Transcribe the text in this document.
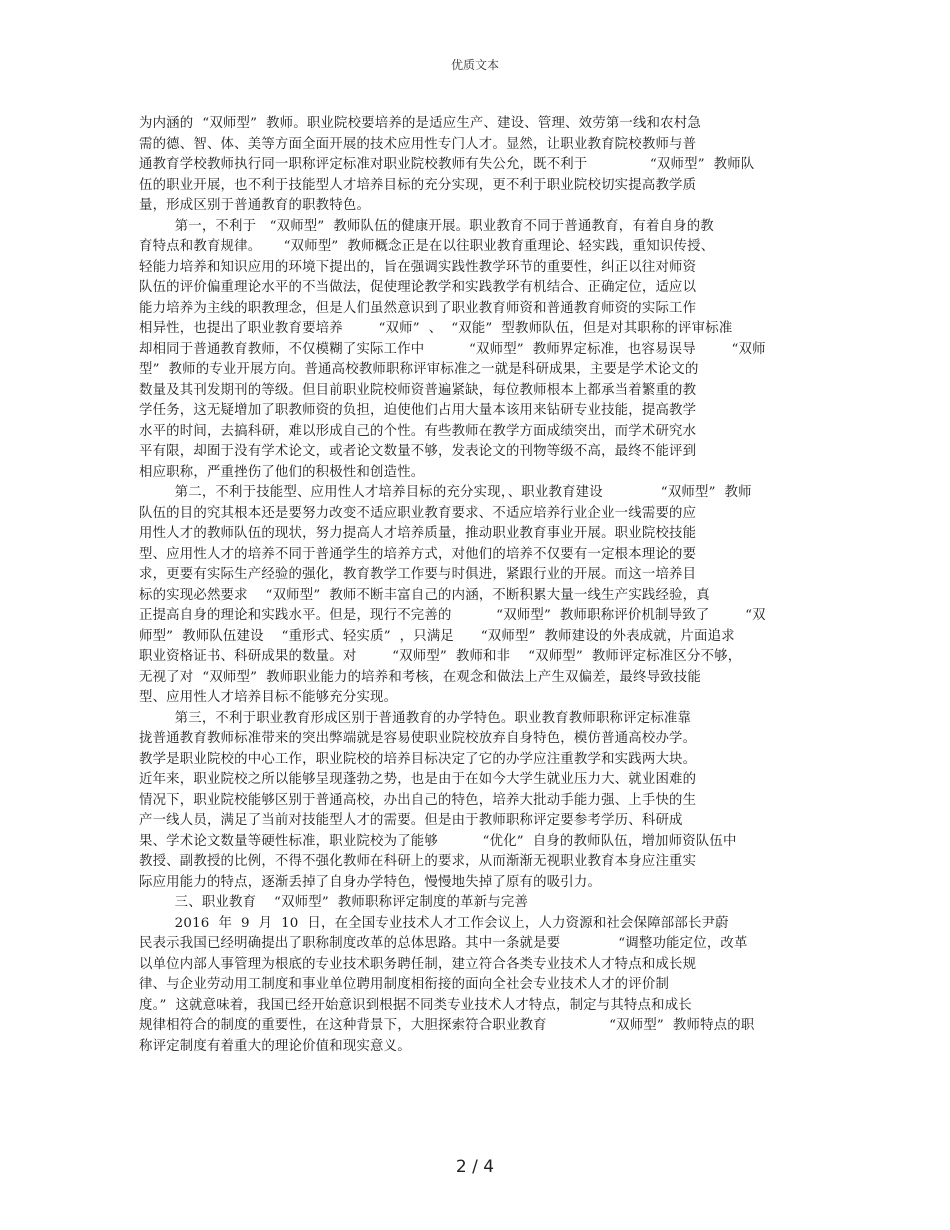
优质文本
为内涵的  “双师型”  教师。职业院校要培养的是适应生产、建设、管理、效劳第一线和农村急
需的德、智、体、美等方面全面开展的技术应用性专门人才。显然，让职业教育院校教师与普
通教育学校教师执行同一职称评定标准对职业院校教师有失公允，既不利于              “双师型”  教师队
伍的职业开展，也不利于技能型人才培养目标的充分实现，更不利于职业院校切实提高教学质
量，形成区别于普通教育的职教特色。
第一，不利于   “双师型”  教师队伍的健康开展。职业教育不同于普通教育，有着自身的教
育特点和教育规律。     “双师型”  教师概念正是在以往职业教育重理论、轻实践，重知识传授、
轻能力培养和知识应用的环境下提出的，旨在强调实践性教学环节的重要性，纠正以往对师资
队伍的评价偏重理论水平的不当做法，促使理论教学和实践教学有机结合、正确定位，适应以
能力培养为主线的职教理念，但是人们虽然意识到了职业教育师资和普通教育师资的实际工作
相异性，也提出了职业教育要培养        “双师”  、  “双能”  型教师队伍，但是对其职称的评审标准
却相同于普通教育教师，不仅模糊了实际工作中          “双师型”  教师界定标准，也容易误导        “双师
型”  教师的专业开展方向。普通高校教师职称评审标准之一就是科研成果，主要是学术论文的
数量及其刊发期刊的等级。但目前职业院校师资普遍紧缺，每位教师根本上都承当着繁重的教
学任务，这无疑增加了职教师资的负担，迫使他们占用大量本该用来钻研专业技能，提高教学
水平的时间，去搞科研，难以形成自己的个性。有些教师在教学方面成绩突出，而学术研究水
平有限，却囿于没有学术论文，或者论文数量不够，发表论文的刊物等级不高，最终不能评到
相应职称，严重挫伤了他们的积极性和创造性。
第二，不利于技能型、应用性人才培养目标的充分实现，、职业教育建设             “双师型”  教师
队伍的目的究其根本还是要努力改变不适应职业教育要求、不适应培养行业企业一线需要的应
用性人才的教师队伍的现状，努力提高人才培养质量，推动职业教育事业开展。职业院校技能
型、应用性人才的培养不同于普通学生的培养方式，对他们的培养不仅要有一定根本理论的要
求，更要有实际生产经验的强化，教育教学工作要与时俱进，紧跟行业的开展。而这一培养目
标的实现必然要求    “双师型”  教师不断丰富自己的内涵，不断积累大量一线生产实践经验，真
正提高自身的理论和实践水平。但是，现行不完善的          “双师型”  教师职称评价机制导致了        “双
师型”  教师队伍建设    “重形式、轻实质”  ，只满足      “双师型”  教师建设的外表成就，片面追求
职业资格证书、科研成果的数量。对        “双师型”  教师和非    “双师型”  教师评定标准区分不够，
无视了对  “双师型”  教师职业能力的培养和考核，在观念和做法上产生双偏差，最终导致技能
型、应用性人才培养目标不能够充分实现。
第三，不利于职业教育形成区别于普通教育的办学特色。职业教育教师职称评定标准靠
拢普通教育教师标准带来的突出弊端就是容易使职业院校放弃自身特色，模仿普通高校办学。
教学是职业院校的中心工作，职业院校的培养目标决定了它的办学应注重教学和实践两大块。
近年来，职业院校之所以能够呈现蓬勃之势，也是由于在如今大学生就业压力大、就业困难的
情况下，职业院校能够区别于普通高校，办出自己的特色，培养大批动手能力强、上手快的生
产一线人员，满足了当前对技能型人才的需要。但是由于教师职称评定要参考学历、科研成
果、学术论文数量等硬性标准，职业院校为了能够          “优化”  自身的教师队伍，增加师资队伍中
教授、副教授的比例，不得不强化教师在科研上的要求，从而渐渐无视职业教育本身应注重实
际应用能力的特点，逐渐丢掉了自身办学特色，慢慢地失掉了原有的吸引力。
三、职业教育    “双师型”  教师职称评定制度的革新与完善
2016  年  9  月  10  日，在全国专业技术人才工作会议上，人力资源和社会保障部部长尹蔚
民表示我国已经明确提出了职称制度改革的总体思路。其中一条就是要             “调整功能定位，改革
以单位内部人事管理为根底的专业技术职务聘任制，建立符合各类专业技术人才特点和成长规
律、与企业劳动用工制度和事业单位聘用制度相衔接的面向全社会专业技术人才的评价制
度。”  这就意味着，我国已经开始意识到根据不同类专业技术人才特点，制定与其特点和成长
规律相符合的制度的重要性，在这种背景下，大胆探索符合职业教育              “双师型”  教师特点的职
称评定制度有着重大的理论价值和现实意义。
2 / 4
